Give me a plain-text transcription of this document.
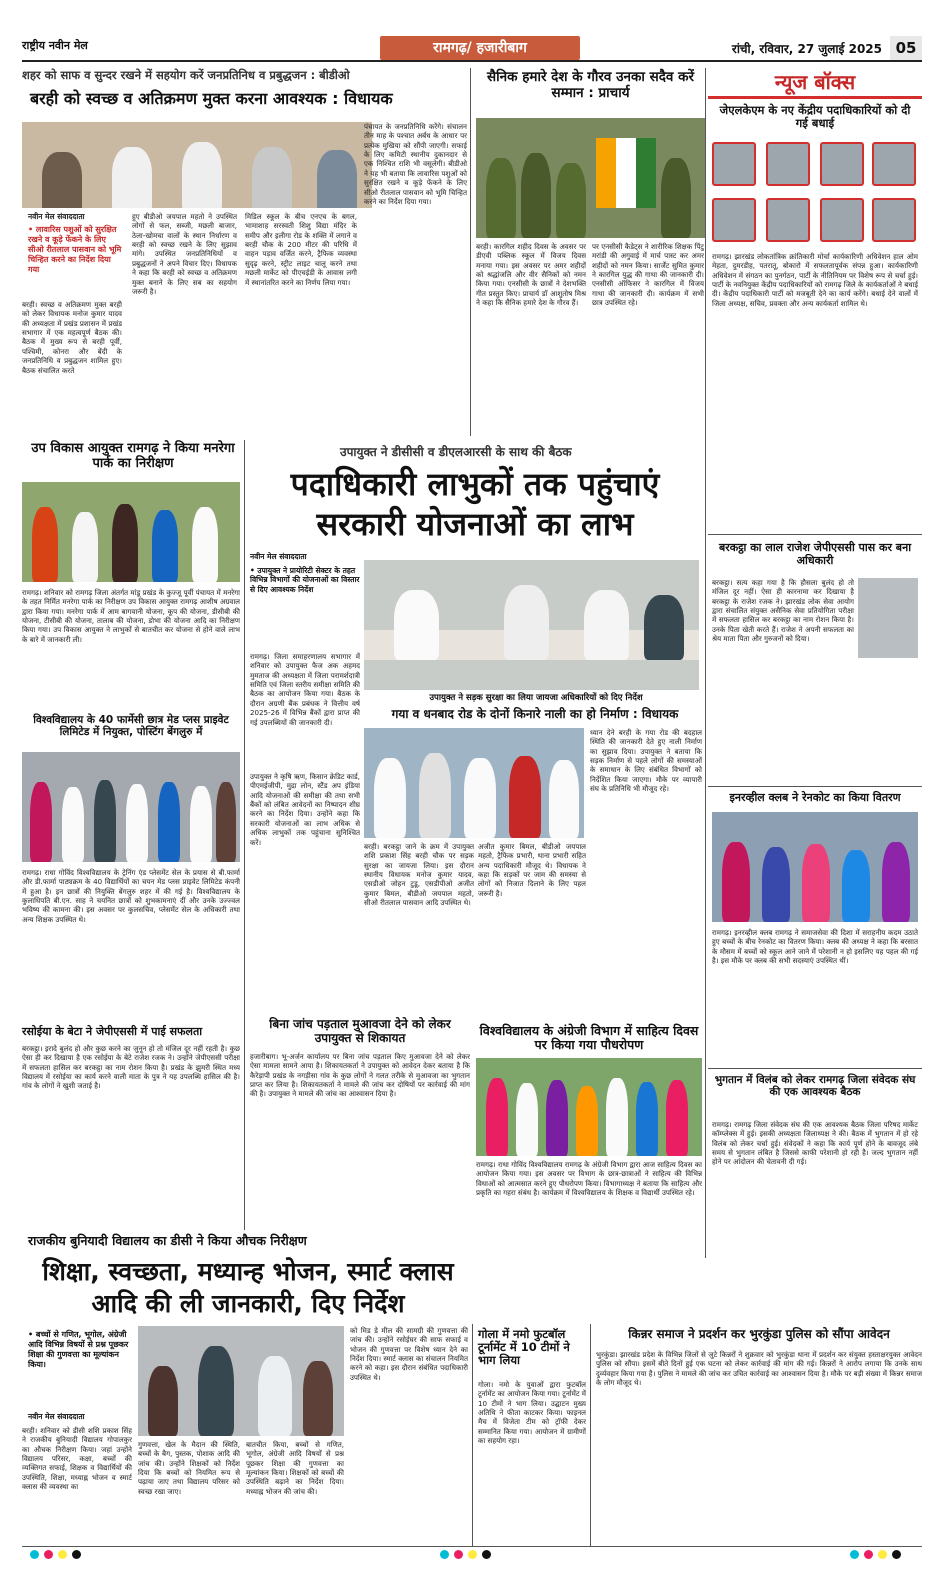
राष्ट्रीय नवीन मेल	रामगढ़/ हजारीबाग	रांची, रविवार, 27 जुलाई 2025 05
शहर को साफ व सुन्दर रखने में सहयोग करें जनप्रतिनिध व प्रबुद्धजन : बीडीओ
बरही को स्वच्छ व अतिक्रमण मुक्त करना आवश्यक : विधायक
नवीन मेल संवाददाता
• लावारिस पशुओं को सुरक्षित रखने व कूड़े फेंकने के लिए सीओ रीतलाल पासवान को भूमि चिन्हित करने का निर्देश दिया गया
बरही। स्वच्छ व अतिक्रमण मुक्त बरही को लेकर विधायक मनोज कुमार यादव की अध्यक्षता में प्रखंड प्रशासन में प्रखंड सभागार में एक महत्वपूर्ण बैठक की। बैठक में मुख्य रूप से बरही पूर्वी, पश्चिमी, कोनरा और बेंदी के जनप्रतिनिधि व प्रबुद्धजन शामिल हुए। बैठक संचालित करते
हुए बीडीओ जयपाल महतो ने उपस्थित लोगों से फल, सब्जी, मछली बाजार, ठेला-खोमचा वालों के स्थान निर्धारण व बरही को स्वच्छ रखने के लिए सुझाव मांगे। उपस्थित जनप्रतिनिधियों व प्रबुद्धजनों ने अपने विचार दिए। विधायक ने कहा कि बरही को स्वच्छ व अतिक्रमण मुक्त बनाने के लिए सब का सहयोग जरूरी है।
मिडिल स्कूल के बीच एनएच के बगल, भामाशाह सरस्वती शिशु विद्या मंदिर के समीप और इलीगा रोड के शक्ति में लगाने व बरही चौक के 200 मीटर की परिधि में वाहन पड़ाव वर्जित करने, ट्रैफिक व्यवस्था सुदृढ़ करने, स्ट्रीट लाइट चालू करने तथा मछली मार्केट को पीएचईडी के आवास लगी में स्थानांतरित करने का निर्णय लिया गया।
पंचायत के जनप्रतिनिधि करेंगे। संचालन तीन माह के पश्चात अर्बंध के आधार पर प्रत्येक मुखिया को सौंपी जाएगी। सफाई के लिए कमिटी स्थानीय दुकानदार से एक निश्चित राशि भी वसूलेगी। बीडीओ ने यह भी बताया कि लावारिस पशुओं को सुरक्षित रखने व कूड़े फेंकने के लिए सीओ रीतलाल पासवान को भूमि चिन्हित करने का निर्देश दिया गया।
सैनिक हमारे देश के गौरव उनका सदैव करें सम्मान : प्राचार्य
बरही। कारगिल शहीद दिवस के अवसर पर डीएवी पब्लिक स्कूल में विजय दिवस मनाया गया। इस अवसर पर अमर शहीदों को श्रद्धांजलि और वीर सैनिकों को नमन किया गया। एनसीसी के छात्रों ने देशभक्ति गीत प्रस्तुत किए। प्राचार्य डॉ आशुतोष मिश्र ने कहा कि सैनिक हमारे देश के गौरव हैं।
पर एनसीसी कैडेट्स ने शारीरिक शिक्षक पिंटु मरांडी की अगुवाई में मार्च पास्ट कर अमर शहीदों को नमन किया। सार्जेंट सुमित कुमार ने कारगिल युद्ध की गाथा की जानकारी दी। एनसीसी ऑफिसर ने कारगिल में विजय गाथा की जानकारी दी। कार्यक्रम में सभी छात्र उपस्थित रहे।
न्यूज बॉक्स
जेएलकेएम के नए केंद्रीय पदाधिकारियों को दी गई बधाई
रामगढ़। झारखंड लोकतांत्रिक क्रांतिकारी मोर्चा कार्यकारिणी अधिवेशन हाल ओम मेहता, दुमरडीह, पतरातू, बोकारो में सफलतापूर्वक संपन्न हुआ। कार्यकारिणी अधिवेशन में संगठन का पुनर्गठन, पार्टी के नीतिनियम पर विशेष रूप से चर्चा हुई। पार्टी के नवनियुक्त केंद्रीय पदाधिकारियों को रामगढ़ जिले के कार्यकर्ताओं ने बधाई दी। केंद्रीय पदाधिकारी पार्टी को मजबूती देने का कार्य करेंगे। बधाई देने वालों में जिला अध्यक्ष, सचिव, प्रवक्ता और अन्य कार्यकर्ता शामिल थे।
बरकट्ठा का लाल राजेश जेपीएससी पास कर बना अधिकारी
बरकट्ठा। सत्य कहा गया है कि हौसला बुलंद हो तो मंजिल दूर नहीं। ऐसा ही कारनामा कर दिखाया है बरकट्ठा के राजेश रजक ने। झारखंड लोक सेवा आयोग द्वारा संचालित संयुक्त असैनिक सेवा प्रतियोगिता परीक्षा में सफलता हासिल कर बरकट्ठा का नाम रोशन किया है। उनके पिता खेती करते हैं। राजेश ने अपनी सफलता का श्रेय माता पिता और गुरुजनों को दिया।
इनरव्हील क्लब ने रेनकोट का किया वितरण
रामगढ़। इनरव्हील क्लब रामगढ़ ने समाजसेवा की दिशा में सराहनीय कदम उठाते हुए बच्चों के बीच रेनकोट का वितरण किया। क्लब की अध्यक्ष ने कहा कि बरसात के मौसम में बच्चों को स्कूल आने जाने में परेशानी न हो इसलिए यह पहल की गई है। इस मौके पर क्लब की सभी सदस्याएं उपस्थित थीं।
भुगतान में विलंब को लेकर रामगढ़ जिला संवेदक संघ की एक आवश्यक बैठक
रामगढ़। रामगढ़ जिला संवेदक संघ की एक आवश्यक बैठक जिला परिषद मार्केट कॉम्प्लेक्स में हुई। इसकी अध्यक्षता जिलाध्यक्ष ने की। बैठक में भुगतान में हो रहे विलंब को लेकर चर्चा हुई। संवेदकों ने कहा कि कार्य पूर्ण होने के बावजूद लंबे समय से भुगतान लंबित है जिससे काफी परेशानी हो रही है। जल्द भुगतान नहीं होने पर आंदोलन की चेतावनी दी गई।
उप विकास आयुक्त रामगढ़ ने किया मनरेगा पार्क का निरीक्षण
रामगढ़। शनिवार को रामगढ़ जिला अंतर्गत मांडू प्रखंड के कुज्जू पूर्वी पंचायत में मनरेगा के तहत निर्मित मनरेगा पार्क का निरीक्षण उप विकास आयुक्त रामगढ़ आशीष अग्रवाल द्वारा किया गया। मनरेगा पार्क में आम बागवानी योजना, कूप की योजना, डीसीबी की योजना, टीसीबी की योजना, तालाब की योजना, डोभा की योजना आदि का निरीक्षण किया गया। उप विकास आयुक्त ने लाभुकों से बातचीत कर योजना से होने वाले लाभ के बारे में जानकारी ली।
विश्वविद्यालय के 40 फार्मेसी छात्र मेड प्लस प्राइवेट लिमिटेड में नियुक्त, पोस्टिंग बेंगलुरु में
रामगढ़। राधा गोविंद विश्वविद्यालय के ट्रेनिंग एंड प्लेसमेंट सेल के प्रयास से बी.फार्मा और डी.फार्मा पाठ्यक्रम के 40 विद्यार्थियों का चयन मेड प्लस प्राइवेट लिमिटेड कंपनी में हुआ है। इन छात्रों की नियुक्ति बेंगलुरु शहर में की गई है। विश्वविद्यालय के कुलाधिपति बी.एन. साह ने चयनित छात्रों को शुभकामनाएं दीं और उनके उज्ज्वल भविष्य की कामना की। इस अवसर पर कुलसचिव, प्लेसमेंट सेल के अधिकारी तथा अन्य शिक्षक उपस्थित थे।
रसोईया के बेटा ने जेपीएससी में पाई सफलता
बरकट्ठा। इरादे बुलंद हो और कुछ करने का जुनून हो तो मंजिल दूर नहीं रहती है। कुछ ऐसा ही कर दिखाया है एक रसोईया के बेटे राजेश रजक ने। उन्होंने जेपीएससी परीक्षा में सफलता हासिल कर बरकट्ठा का नाम रोशन किया है। प्रखंड के झुमरी स्थित मध्य विद्यालय में रसोईया का कार्य करने वाली माता के पुत्र ने यह उपलब्धि हासिल की है। गांव के लोगों ने खुशी जताई है।
उपायुक्त ने डीसीसी व डीएलआरसी के साथ की बैठक
पदाधिकारी लाभुकों तक पहुंचाएं सरकारी योजनाओं का लाभ
नवीन मेल संवाददाता
• उपायुक्त ने प्रायोरिटी सेक्टर के तहत विभिन्न विभागों की योजनाओं का विस्तार से दिए आवश्यक निर्देश
उपायुक्त ने सड़क सुरक्षा का लिया जायजा अधिकारियों को दिए निर्देश
रामगढ़। जिला समाहरणालय सभागार में शनिवार को उपायुक्त फैज अक अहमद मुमताज की अध्यक्षता में जिला परामर्शदात्री समिति एवं जिला स्तरीय समीक्षा समिति की बैठक का आयोजन किया गया। बैठक के दौरान अग्रणी बैंक प्रबंधक ने वित्तीय वर्ष 2025-26 में विभिन्न बैंकों द्वारा प्राप्त की गई उपलब्धियों की जानकारी दी।
उपायुक्त ने कृषि ऋण, किसान क्रेडिट कार्ड, पीएमईजीपी, मुद्रा लोन, स्टैंड अप इंडिया आदि योजनाओं की समीक्षा की तथा सभी बैंकों को लंबित आवेदनों का निष्पादन शीघ्र करने का निर्देश दिया। उन्होंने कहा कि सरकारी योजनाओं का लाभ अधिक से अधिक लाभुकों तक पहुंचाना सुनिश्चित करें।
गया व धनबाद रोड के दोनों किनारे नाली का हो निर्माण : विधायक
बरही। बरकट्ठा जाने के क्रम में उपायुक्त शशि प्रकाश सिंह बरही चौक पर सड़क सुरक्षा का जायजा लिया। इस दौरान स्थानीय विधायक मनोज कुमार यादव, एसडीओ जोहन टुडू, एसडीपीओ अजीत कुमार बिमल, बीडीओ जयपाल महतो, सीओ रीतलाल पासवान आदि उपस्थित थे।
ध्यान देने बरही के गया रोड की बदहाल स्थिति की जानकारी देते हुए नाली निर्माण का सुझाव दिया। उपायुक्त ने बताया कि सड़क निर्माण से पहले लोगों की समस्याओं के समाधान के लिए संबंधित विभागों को निर्देशित किया जाएगा। मौके पर व्यापारी संघ के प्रतिनिधि भी मौजूद रहे।
अजीत कुमार बिमल, बीडीओ जयपाल महतो, ट्रैफिक प्रभारी, थाना प्रभारी सहित अन्य पदाधिकारी मौजूद थे। विधायक ने कहा कि सड़कों पर जाम की समस्या से लोगों को निजात दिलाने के लिए पहल जरूरी है।
बिना जांच पड़ताल मुआवजा देने को लेकर उपायुक्त से शिकायत
हजारीबाग। भू-अर्जन कार्यालय पर बिना जांच पड़ताल किए मुआवजा देने को लेकर ऐसा मामला सामने आया है। शिकायतकर्ता ने उपायुक्त को आवेदन देकर बताया है कि कैरेड़ापी प्रखंड के नगड़ीसा गांव के कुछ लोगों ने गलत तरीके से मुआवजा का भुगतान प्राप्त कर लिया है। शिकायतकर्ता ने मामले की जांच कर दोषियों पर कार्रवाई की मांग की है। उपायुक्त ने मामले की जांच का आश्वासन दिया है।
विश्वविद्यालय के अंग्रेजी विभाग में साहित्य दिवस पर किया गया पौधरोपण
रामगढ़। राधा गोविंद विश्वविद्यालय रामगढ़ के अंग्रेजी विभाग द्वारा आज साहित्य दिवस का आयोजन किया गया। इस अवसर पर विभाग के छात्र-छात्राओं ने साहित्य की विभिन्न विधाओं को आत्मसात करने हुए पौधरोपण किया। विभागाध्यक्ष ने बताया कि साहित्य और प्रकृति का गहरा संबंध है। कार्यक्रम में विश्वविद्यालय के शिक्षक व विद्यार्थी उपस्थित रहे।
राजकीय बुनियादी विद्यालय का डीसी ने किया औचक निरीक्षण
शिक्षा, स्वच्छता, मध्यान्ह भोजन, स्मार्ट क्लास आदि की ली जानकारी, दिए निर्देश
• बच्चों से गणित, भूगोल, अंग्रेजी आदि विभिन्न विषयों से प्रश्न पूछकर शिक्षा की गुणवत्ता का मूल्यांकन किया।
नवीन मेल संवाददाता
बरही। शनिवार को डीसी शशि प्रकाश सिंह ने राजकीय बुनियादी विद्यालय गोपालकुर का औचक निरीक्षण किया। जहां उन्होंने विद्यालय परिसर, कक्षा, बच्चों की व्यक्तिगत सफाई, शिक्षक व विद्यार्थियों की उपस्थिति, शिक्षा, मध्याह्न भोजन व स्मार्ट क्लास की व्यवस्था का
गुणवत्ता, खेल के मैदान की स्थिति, बच्चों के बैग, पुस्तक, पोशाक आदि की जांच की। उन्होंने शिक्षकों को निर्देश दिया कि बच्चों को नियमित रूप से पढ़ाया जाए तथा विद्यालय परिसर को स्वच्छ रखा जाए।
बातचीत किया, बच्चों से गणित, भूगोल, अंग्रेजी आदि विषयों से प्रश्न पूछकर शिक्षा की गुणवत्ता का मूल्यांकन किया। शिक्षकों को बच्चों की उपस्थिति बढ़ाने का निर्देश दिया। मध्याह्न भोजन की जांच की।
को मिड डे मील की सामग्री की गुणवत्ता की जांच की। उन्होंने रसोईघर की साफ सफाई व भोजन की गुणवत्ता पर विशेष ध्यान देने का निर्देश दिया। स्मार्ट क्लास का संचालन नियमित करने को कहा। इस दौरान संबंधित पदाधिकारी उपस्थित थे।
गोला में नमो फुटबॉल टूर्नामेंट में 10 टीमों ने भाग लिया
गोला। नमो के युवाओं द्वारा फुटबॉल टूर्नामेंट का आयोजन किया गया। टूर्नामेंट में 10 टीमों ने भाग लिया। उद्घाटन मुख्य अतिथि ने फीता काटकर किया। फाइनल मैच में विजेता टीम को ट्रॉफी देकर सम्मानित किया गया। आयोजन में ग्रामीणों का सहयोग रहा।
किन्नर समाज ने प्रदर्शन कर भुरकुंडा पुलिस को सौंपा आवेदन
भुरकुंडा। झारखंड प्रदेश के विभिन्न जिलों से जुटे किन्नरों ने शुक्रवार को भुरकुंडा थाना में प्रदर्शन कर संयुक्त हस्ताक्षरयुक्त आवेदन पुलिस को सौंपा। इसमें बीते दिनों हुई एक घटना को लेकर कार्रवाई की मांग की गई। किन्नरों ने आरोप लगाया कि उनके साथ दुर्व्यवहार किया गया है। पुलिस ने मामले की जांच कर उचित कार्रवाई का आश्वासन दिया है। मौके पर बड़ी संख्या में किन्नर समाज के लोग मौजूद थे।
